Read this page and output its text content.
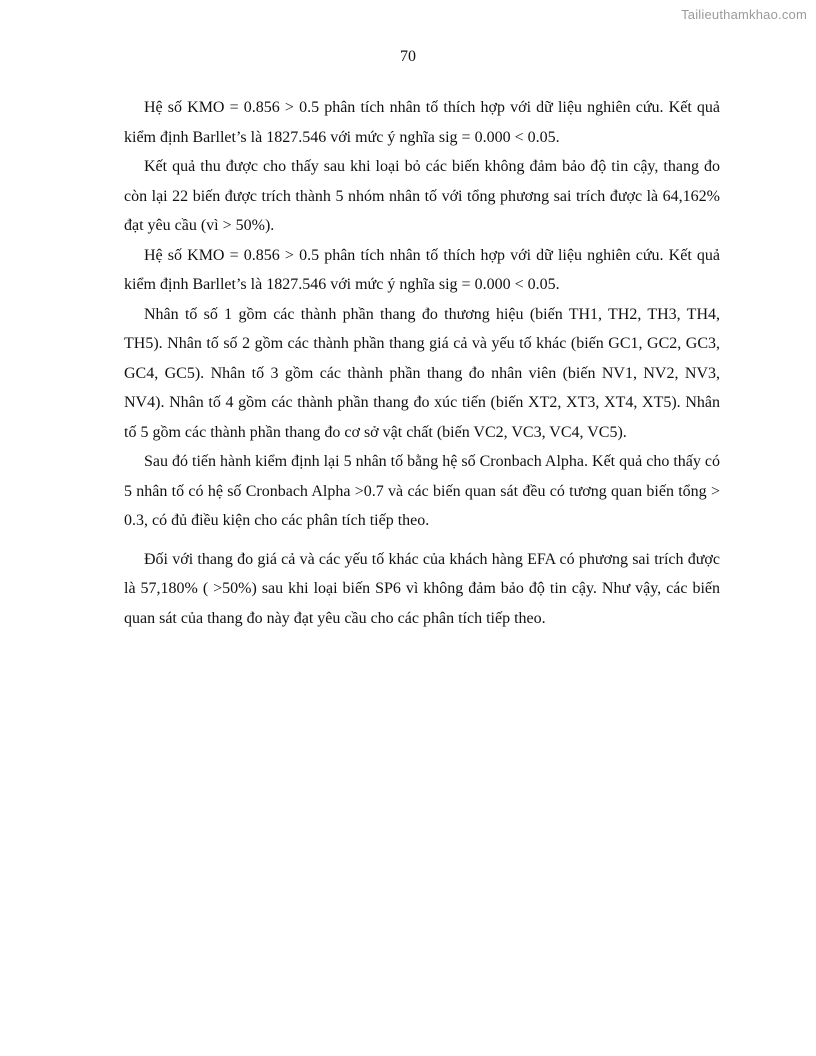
Tailieuthamkhao.com
70

Hệ số KMO = 0.856 > 0.5 phân tích nhân tố thích hợp với dữ liệu nghiên cứu. Kết quả kiểm định Barllet’s là 1827.546 với mức ý nghĩa sig = 0.000 < 0.05.

Kết quả thu được cho thấy sau khi loại bỏ các biến không đảm bảo độ tin cậy, thang đo còn lại 22 biến được trích thành 5 nhóm nhân tố với tổng phương sai trích được là 64,162% đạt yêu cầu (vì > 50%).

Hệ số KMO = 0.856 > 0.5 phân tích nhân tố thích hợp với dữ liệu nghiên cứu. Kết quả kiểm định Barllet’s là 1827.546 với mức ý nghĩa sig = 0.000 < 0.05.

Nhân tố số 1 gồm các thành phần thang đo thương hiệu (biến TH1, TH2, TH3, TH4, TH5). Nhân tố số 2 gồm các thành phần thang giá cả và yếu tố khác (biến GC1, GC2, GC3, GC4, GC5). Nhân tố 3 gồm các thành phần thang đo nhân viên (biến NV1, NV2, NV3, NV4). Nhân tố 4 gồm các thành phần thang đo xúc tiến (biến XT2, XT3, XT4, XT5). Nhân tố 5 gồm các thành phần thang đo cơ sở vật chất (biến VC2, VC3, VC4, VC5).

Sau đó tiến hành kiểm định lại 5 nhân tố bằng hệ số Cronbach Alpha. Kết quả cho thấy có 5 nhân tố có hệ số Cronbach Alpha >0.7 và các biến quan sát đều có tương quan biến tổng > 0.3, có đủ điều kiện cho các phân tích tiếp theo.

Đối với thang đo giá cả và các yếu tố khác của khách hàng EFA có phương sai trích được là 57,180% ( >50%) sau khi loại biến SP6 vì không đảm bảo độ tin cậy. Như vậy, các biến quan sát của thang đo này đạt yêu cầu cho các phân tích tiếp theo.
